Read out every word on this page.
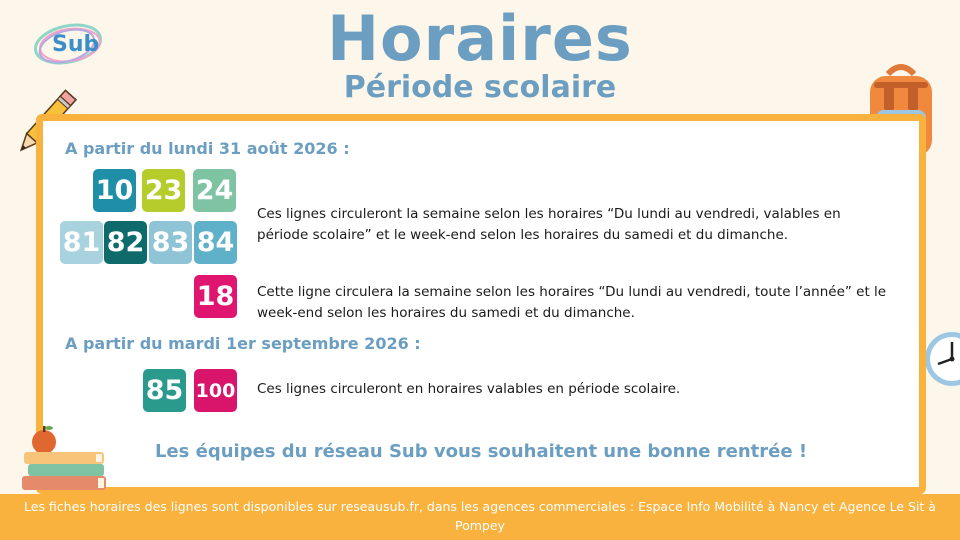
Sub	Horaires
Période scolaire
A partir du lundi 31 août 2026 :
10 23 24
81 82 83 84
Ces lignes circuleront la semaine selon les horaires “Du lundi au vendredi, valables en période scolaire” et le week-end selon les horaires du samedi et du dimanche.
18 Cette ligne circulera la semaine selon les horaires “Du lundi au vendredi, toute l’année” et le week-end selon les horaires du samedi et du dimanche.
A partir du mardi 1er septembre 2026 :
85 100 Ces lignes circuleront en horaires valables en période scolaire.
Les équipes du réseau Sub vous souhaitent une bonne rentrée !
Les fiches horaires des lignes sont disponibles sur reseausub.fr, dans les agences commerciales : Espace Info Mobilité à Nancy et Agence Le Sit à Pompey
